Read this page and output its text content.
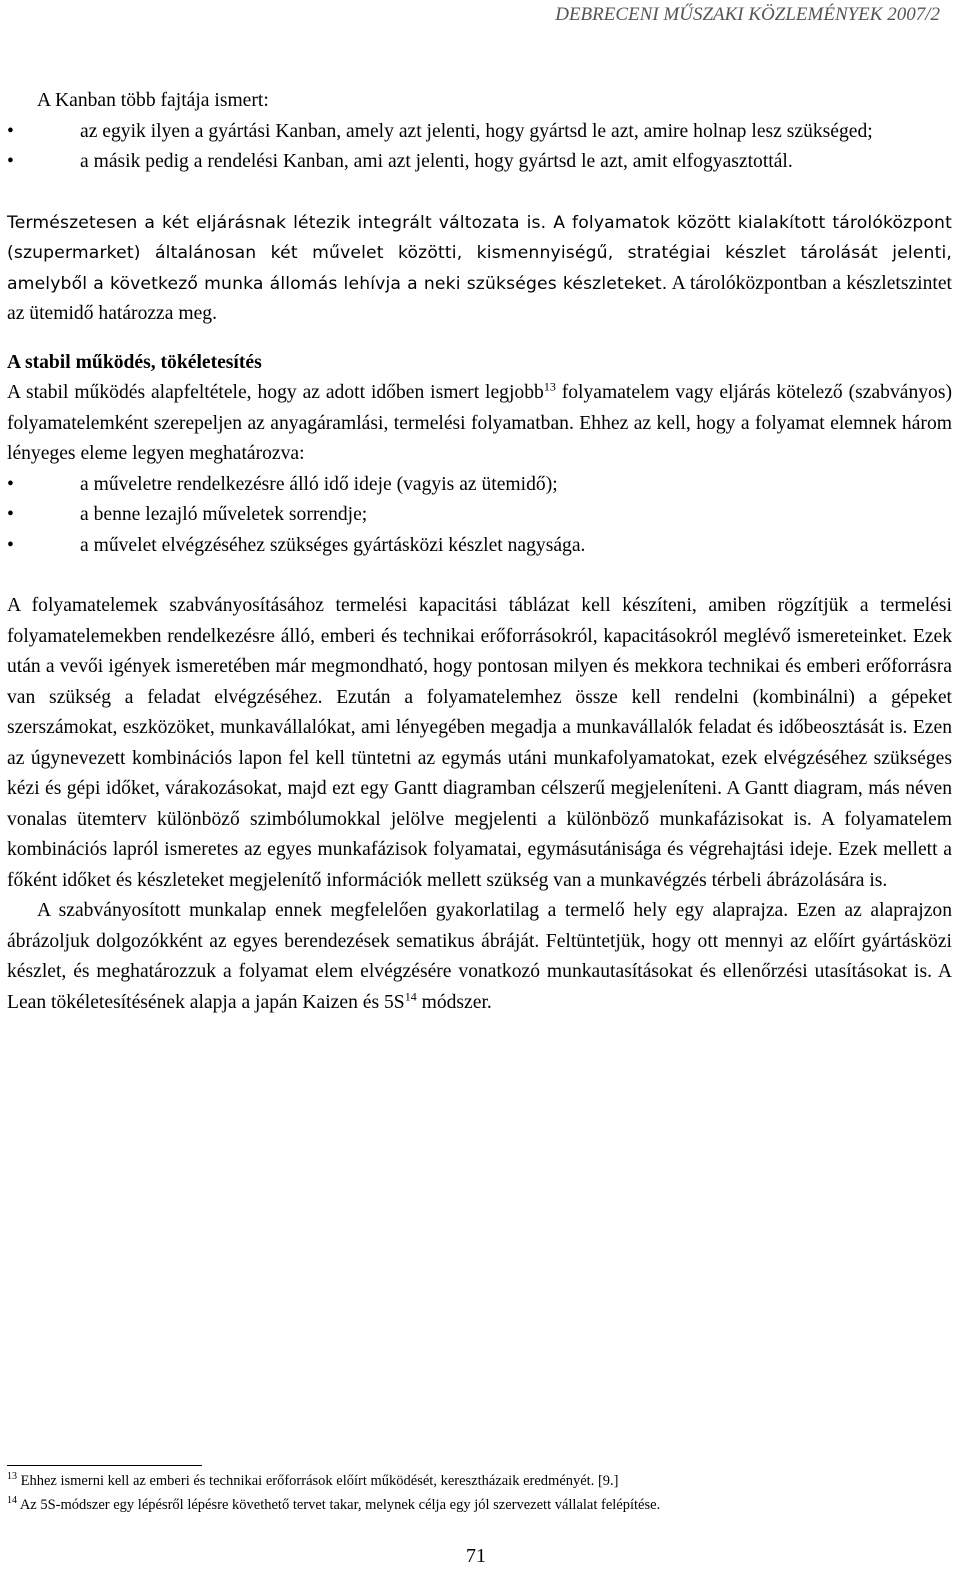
DEBRECENI MŰSZAKI KÖZLEMÉNYEK 2007/2

A Kanban több fajtája ismert:

• az egyik ilyen a gyártási Kanban, amely azt jelenti, hogy gyártsd le azt, amire holnap lesz szükséged;

• a másik pedig a rendelési Kanban, ami azt jelenti, hogy gyártsd le azt, amit elfogyasztottál.

Természetesen a két eljárásnak létezik integrált változata is. A folyamatok között kialakított tárolóközpont (szupermarket) általánosan két művelet közötti, kismennyiségű, stratégiai készlet tárolását jelenti, amelyből a következő munka állomás lehívja a neki szükséges készleteket. A tárolóközpontban a készletszintet az ütemidő határozza meg.

A stabil működés, tökéletesítés

A stabil működés alapfeltétele, hogy az adott időben ismert legjobb$^{13}$ folyamatelem vagy eljárás kötelező (szabványos) folyamatelemként szerepeljen az anyagáramlási, termelési folyamatban. Ehhez az kell, hogy a folyamat elemnek három lényeges eleme legyen meghatározva:

• a műveletre rendelkezésre álló idő ideje (vagyis az ütemidő);

• a benne lezajló műveletek sorrendje;

• a művelet elvégzéséhez szükséges gyártásközi készlet nagysága.

A folyamatelemek szabványosításához termelési kapacitási táblázat kell készíteni, amiben rögzítjük a termelési folyamatelemekben rendelkezésre álló, emberi és technikai erőforrásokról, kapacitásokról meglévő ismereteinket. Ezek után a vevői igények ismeretében már megmondható, hogy pontosan milyen és mekkora technikai és emberi erőforrásra van szükség a feladat elvégzéséhez. Ezután a folyamatelemhez össze kell rendelni (kombinálni) a gépeket szerszámokat, eszközöket, munkavállalókat, ami lényegében megadja a munkavállalók feladat és időbeosztását is. Ezen az úgynevezett kombinációs lapon fel kell tüntetni az egymás utáni munkafolyamatokat, ezek elvégzéséhez szükséges kézi és gépi időket, várakozásokat, majd ezt egy Gantt diagramban célszerű megjeleníteni. A Gantt diagram, más néven vonalas ütemterv különböző szimbólumokkal jelölve megjelenti a különböző munkafázisokat is. A folyamatelem kombinációs lapról ismeretes az egyes munkafázisok folyamatai, egymásutánisága és végrehajtási ideje. Ezek mellett a főként időket és készleteket megjelenítő információk mellett szükség van a munkavégzés térbeli ábrázolására is.

A szabványosított munkalap ennek megfelelően gyakorlatilag a termelő hely egy alaprajza. Ezen az alaprajzon ábrázoljuk dolgozókként az egyes berendezések sematikus ábráját. Feltüntetjük, hogy ott mennyi az előírt gyártásközi készlet, és meghatározzuk a folyamat elem elvégzésére vonatkozó munkautasításokat és ellenőrzési utasításokat is. A Lean tökéletesítésének alapja a japán Kaizen és $5S^{14}$ módszer.

$^{13}$ Ehhez ismerni kell az emberi és technikai erőforrások előírt működését, keresztházaik eredményét. [9.]

$^{14}$ Az 5S-módszer egy lépésről lépésre követhető tervet takar, melynek célja egy jól szervezett vállalat felépítése.

71
